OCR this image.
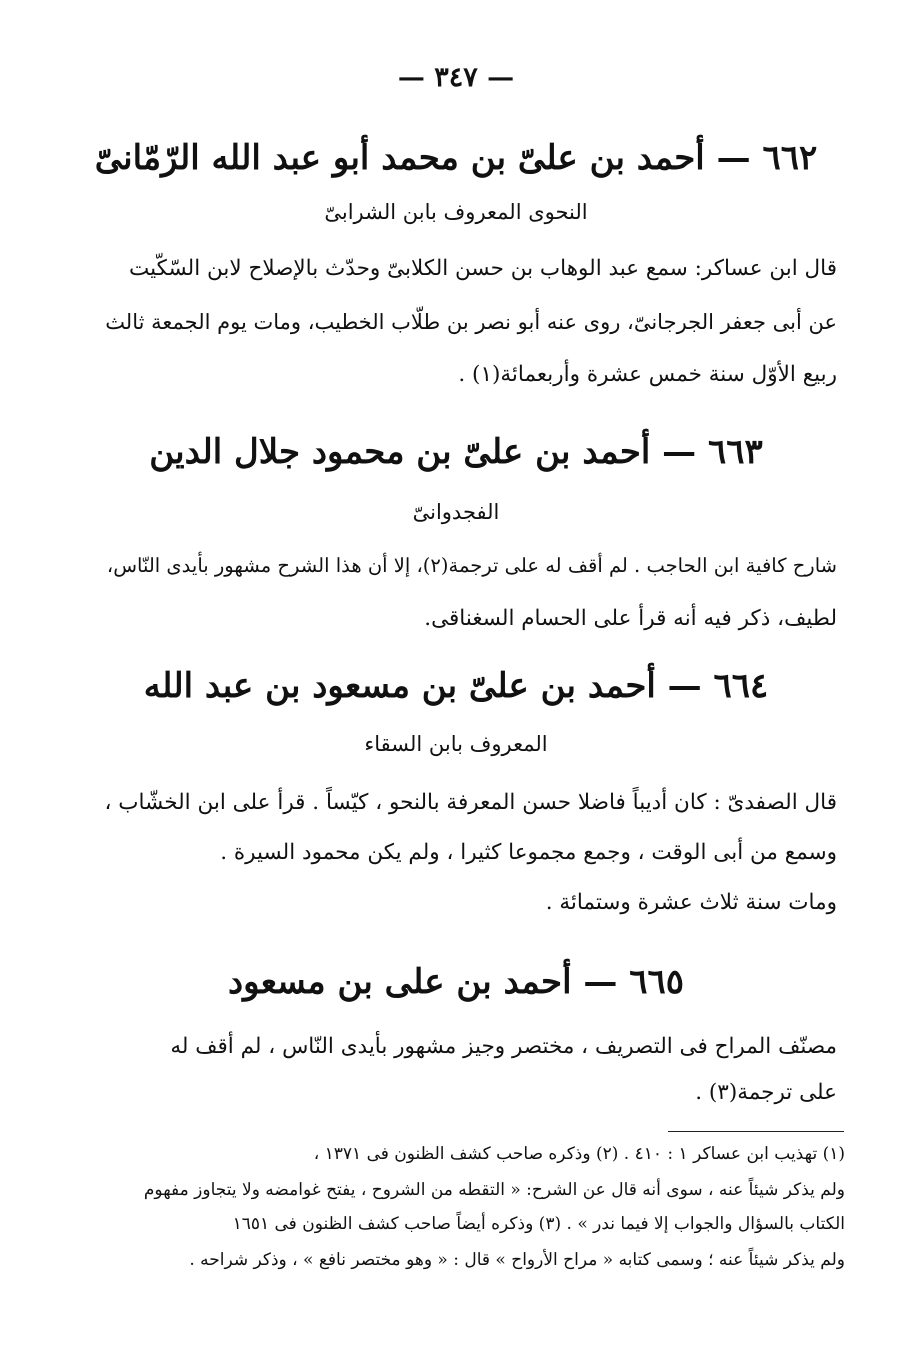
— ٣٤٧ —
٦٦٢ — أحمد بن علىّ بن محمد أبو عبد الله الرّمّانىّ
النحوى المعروف بابن الشرابىّ
قال ابن عساكر: سمع عبد الوهاب بن حسن الكلابىّ وحدّث بالإصلاح لابن السّكّيت
عن أبى جعفر الجرجانىّ، روى عنه أبو نصر بن طلّاب الخطيب، ومات يوم الجمعة ثالث
ربيع الأوّل سنة خمس عشرة وأربعمائة(١) .
٦٦٣ — أحمد بن علىّ بن محمود جلال الدين
الفجدوانىّ
شارح كافية ابن الحاجب . لم أقف له على ترجمة(٢)، إلا أن هذا الشرح مشهور بأيدى النّاس،
لطيف، ذكر فيه أنه قرأ على الحسام السغناقى.
٦٦٤ — أحمد بن علىّ بن مسعود بن عبد الله
المعروف بابن السقاء
قال الصفدىّ : كان أديباً فاضلا حسن المعرفة بالنحو ، كيّساً . قرأ على ابن الخشّاب ،
وسمع من أبى الوقت ، وجمع مجموعا كثيرا ، ولم يكن محمود السيرة .
ومات سنة ثلاث عشرة وستمائة .
٦٦٥ — أحمد بن على بن مسعود
مصنّف المراح فى التصريف ، مختصر وجيز مشهور بأيدى النّاس ، لم أقف له
على ترجمة(٣) .
(١) تهذيب ابن عساكر ١ : ٤١٠ . (٢) وذكره صاحب كشف الظنون فى ١٣٧١ ،
ولم يذكر شيئاً عنه ، سوى أنه قال عن الشرح: « التقطه من الشروح ، يفتح غوامضه ولا يتجاوز مفهوم
الكتاب بالسؤال والجواب إلا فيما ندر » . (٣) وذكره أيضاً صاحب كشف الظنون فى ١٦٥١
ولم يذكر شيئاً عنه ؛ وسمى كتابه « مراح الأرواح » قال : « وهو مختصر نافع » ، وذكر شراحه .
